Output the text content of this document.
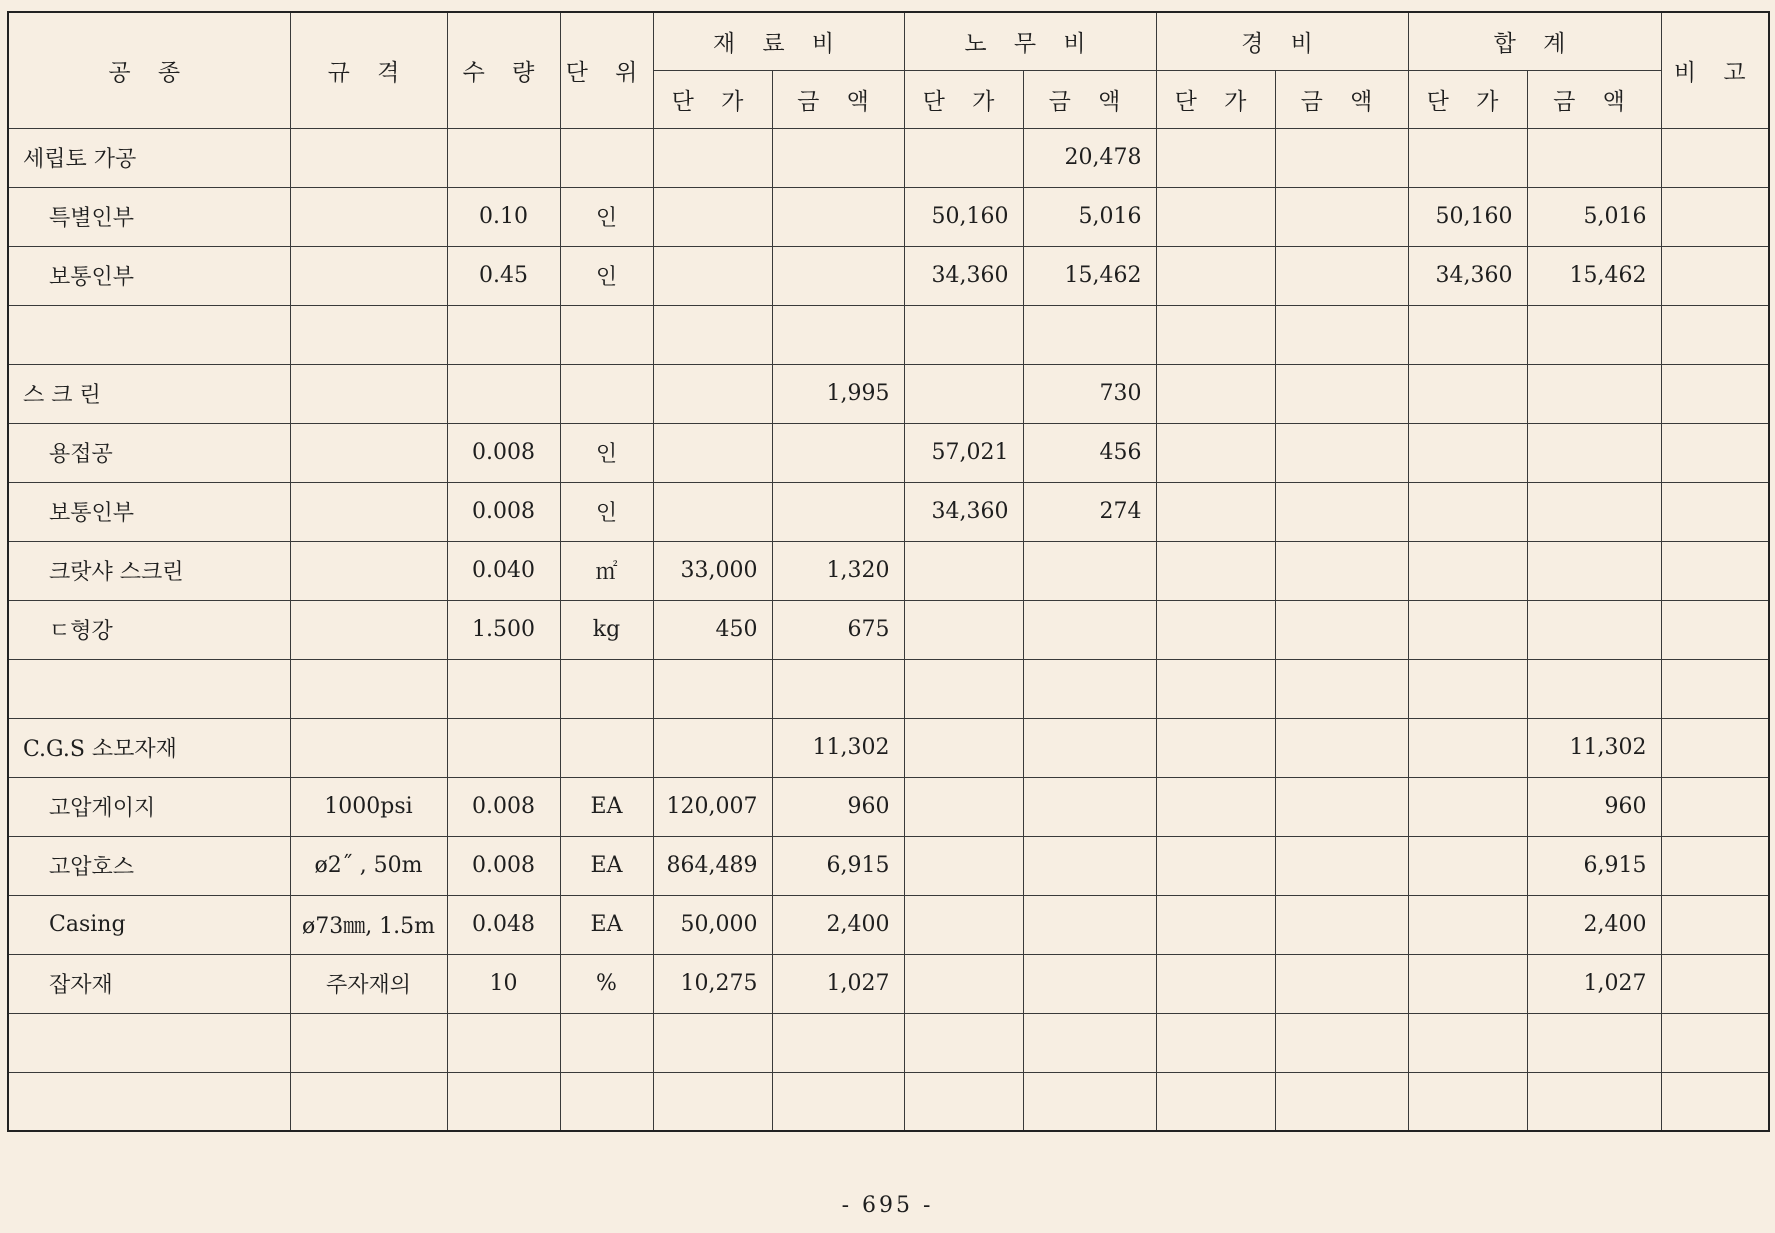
공 종	규 격	수 량	단 위	재 료 비		노 무 비		경 비		합 계		비 고
				단 가	금 액	단 가	금 액	단 가	금 액	단 가	금 액	
세립토 가공							20,478					
특별인부		0.10	인			50,160	5,016			50,160	5,016	
보통인부		0.45	인			34,360	15,462			34,360	15,462	

스 크 린					1,995		730					
용접공		0.008	인			57,021	456					
보통인부		0.008	인			34,360	274					
크랏샤 스크린		0.040	㎡	33,000	1,320							
ㄷ형강		1.500	kg	450	675							

C.G.S 소모자재					11,302						11,302	
고압게이지	1000psi	0.008	EA	120,007	960						960	
고압호스	ø2˝ , 50m	0.008	EA	864,489	6,915						6,915	
Casing	ø73㎜, 1.5m	0.048	EA	50,000	2,400						2,400	
잡자재	주자재의	10	%	10,275	1,027						1,027	

- 695 -
